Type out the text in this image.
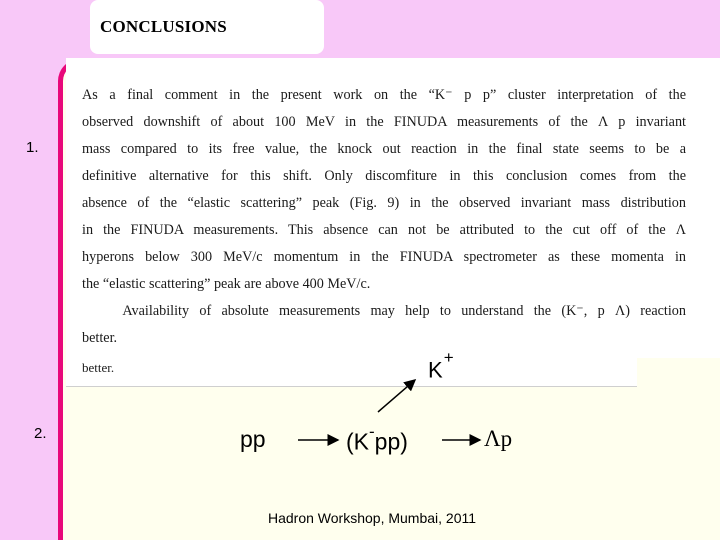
CONCLUSIONS
As a final comment in the present work on the “K⁻ p p” cluster interpretation of the
observed downshift of about 100 MeV in the FINUDA measurements of the Λ p invariant
mass compared to its free value, the knock out reaction in the final state seems to be a
definitive alternative for this shift. Only discomfiture in this conclusion comes from the
absence of the “elastic scattering” peak (Fig. 9) in the observed invariant mass distribution
in the FINUDA measurements. This absence can not be attributed to the cut off of the Λ
hyperons below 300 MeV/c momentum in the FINUDA spectrometer as these momenta in
the “elastic scattering” peak are above 400 MeV/c.
Availability of absolute measurements may help to understand the (K⁻, p Λ) reaction
better.
better.
1.
2.
K+
pp	(K-pp)	Λp
Hadron Workshop, Mumbai, 2011
